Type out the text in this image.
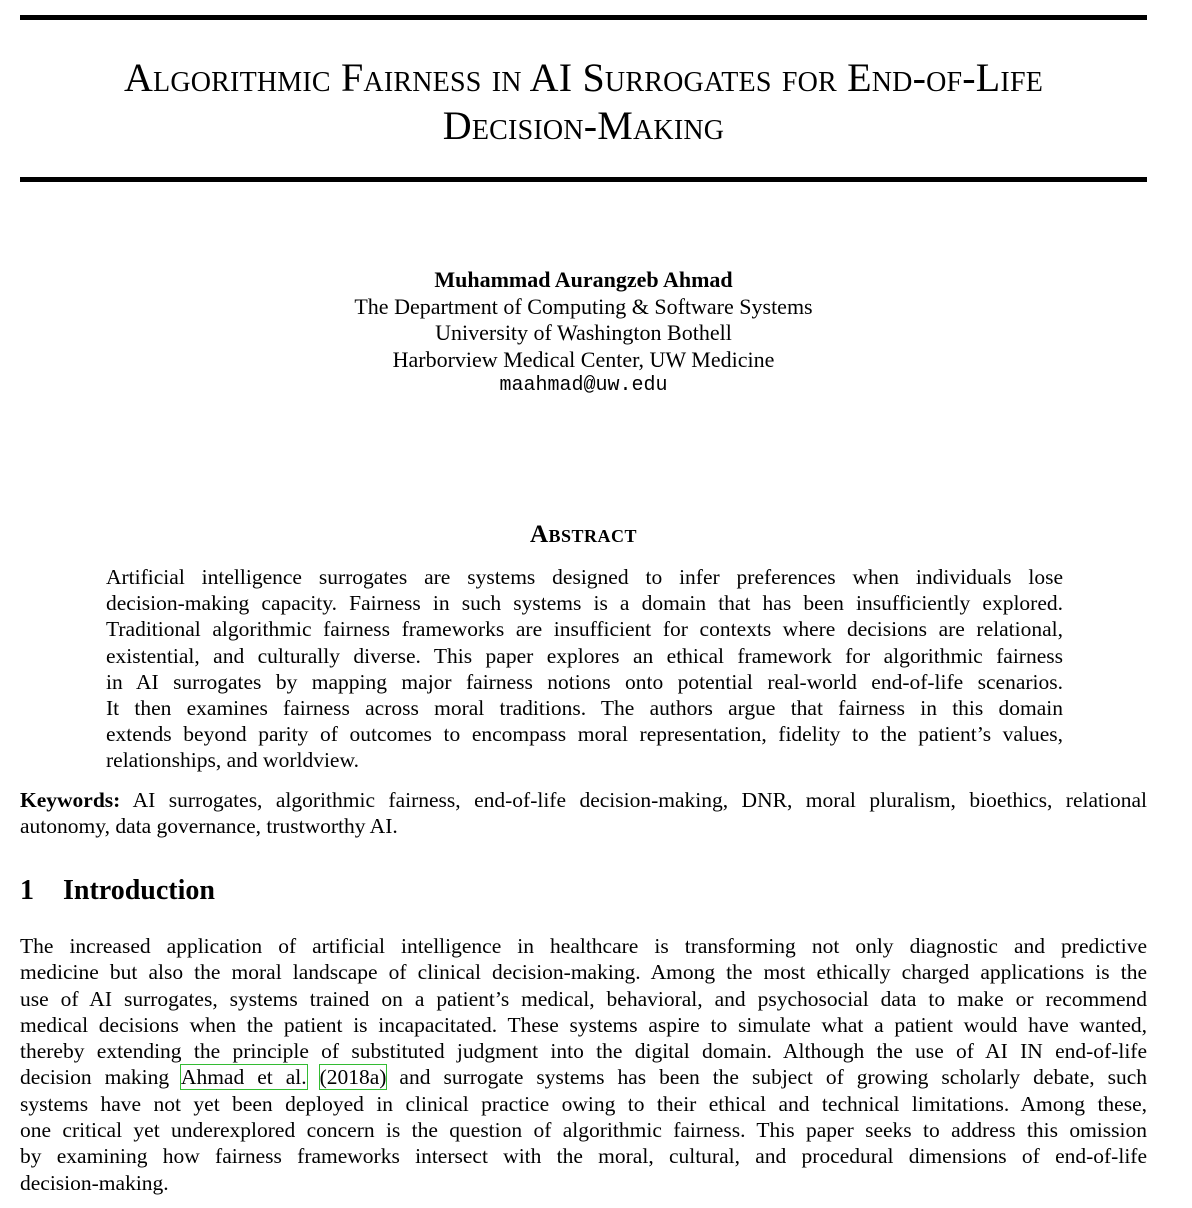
Algorithmic Fairness in AI Surrogates for End-of-Life
Decision-Making
Muhammad Aurangzeb Ahmad
The Department of Computing & Software Systems
University of Washington Bothell
Harborview Medical Center, UW Medicine
maahmad@uw.edu
Abstract
Artificial intelligence surrogates are systems designed to infer preferences when individuals lose
decision-making capacity. Fairness in such systems is a domain that has been insufficiently explored.
Traditional algorithmic fairness frameworks are insufficient for contexts where decisions are relational,
existential, and culturally diverse. This paper explores an ethical framework for algorithmic fairness
in AI surrogates by mapping major fairness notions onto potential real-world end-of-life scenarios.
It then examines fairness across moral traditions. The authors argue that fairness in this domain
extends beyond parity of outcomes to encompass moral representation, fidelity to the patient’s values,
relationships, and worldview.
Keywords: AI surrogates, algorithmic fairness, end-of-life decision-making, DNR, moral pluralism, bioethics, relational
autonomy, data governance, trustworthy AI.
1 Introduction
The increased application of artificial intelligence in healthcare is transforming not only diagnostic and predictive
medicine but also the moral landscape of clinical decision-making. Among the most ethically charged applications is the
use of AI surrogates, systems trained on a patient’s medical, behavioral, and psychosocial data to make or recommend
medical decisions when the patient is incapacitated. These systems aspire to simulate what a patient would have wanted,
thereby extending the principle of substituted judgment into the digital domain. Although the use of AI IN end-of-life
decision making Ahmad et al. (2018a) and surrogate systems has been the subject of growing scholarly debate, such
systems have not yet been deployed in clinical practice owing to their ethical and technical limitations. Among these,
one critical yet underexplored concern is the question of algorithmic fairness. This paper seeks to address this omission
by examining how fairness frameworks intersect with the moral, cultural, and procedural dimensions of end-of-life
decision-making.
